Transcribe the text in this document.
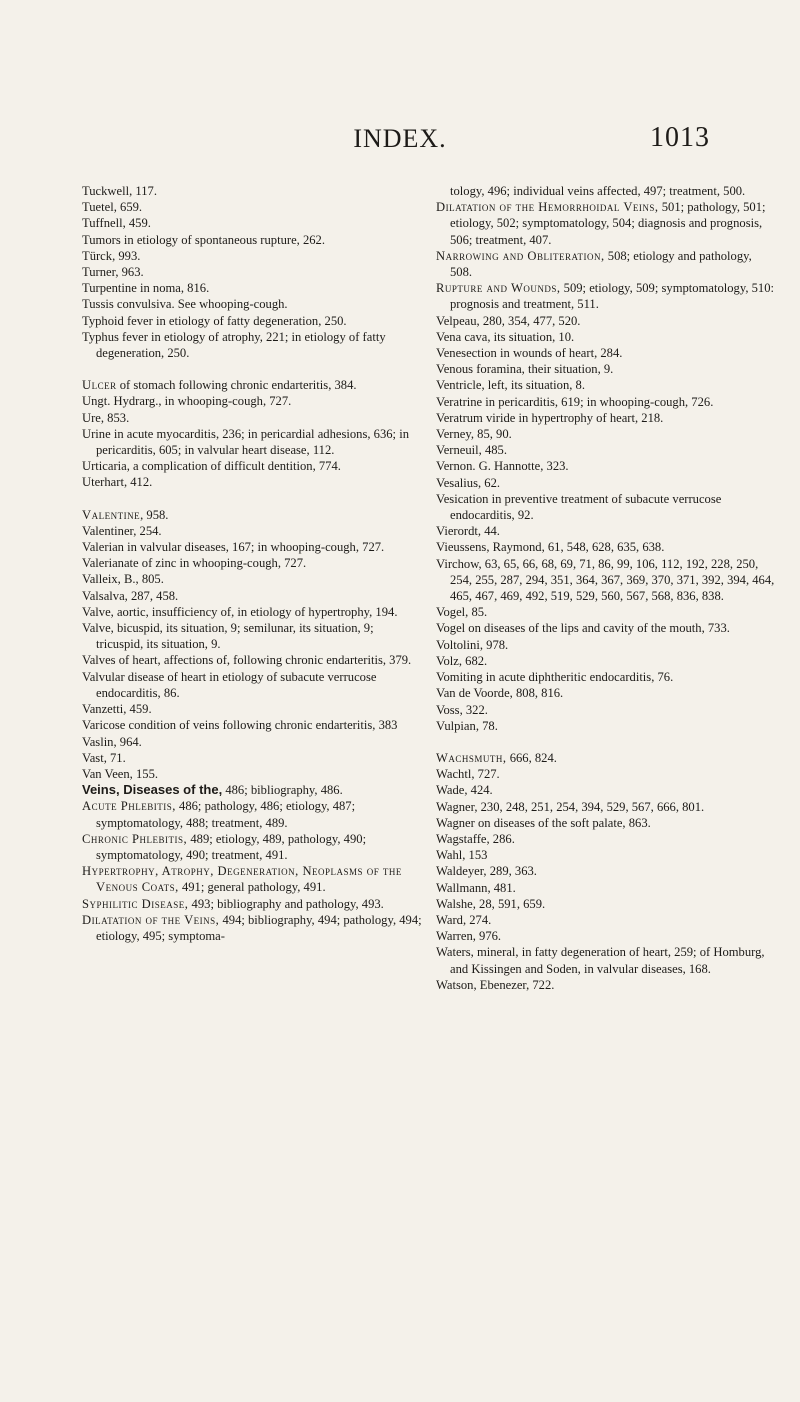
INDEX.	1013

Tuckwell, 117.

Tuetel, 659.

Tuffnell, 459.

Tumors in etiology of spontaneous rupture, 262.

Türck, 993.

Turner, 963.

Turpentine in noma, 816.

Tussis convulsiva. See whooping-cough.

Typhoid fever in etiology of fatty degeneration, 250.

Typhus fever in etiology of atrophy, 221; in etiology of fatty degeneration, 250.

Ulcer of stomach following chronic endarteritis, 384.

Ungt. Hydrarg., in whooping-cough, 727.

Ure, 853.

Urine in acute myocarditis, 236; in pericardial adhesions, 636; in pericarditis, 605; in valvular heart disease, 112.

Urticaria, a complication of difficult dentition, 774.

Uterhart, 412.

Valentine, 958.

Valentiner, 254.

Valerian in valvular diseases, 167; in whooping-cough, 727.

Valerianate of zinc in whooping-cough, 727.

Valleix, B., 805.

Valsalva, 287, 458.

Valve, aortic, insufficiency of, in etiology of hypertrophy, 194.

Valve, bicuspid, its situation, 9; semilunar, its situation, 9; tricuspid, its situation, 9.

Valves of heart, affections of, following chronic endarteritis, 379.

Valvular disease of heart in etiology of subacute verrucose endocarditis, 86.

Vanzetti, 459.

Varicose condition of veins following chronic endarteritis, 383

Vaslin, 964.

Vast, 71.

Van Veen, 155.

Veins, Diseases of the, 486; bibliography, 486.

Acute Phlebitis, 486; pathology, 486; etiology, 487; symptomatology, 488; treatment, 489.

Chronic Phlebitis, 489; etiology, 489, pathology, 490; symptomatology, 490; treatment, 491.

Hypertrophy, Atrophy, Degeneration, Neoplasms of the Venous Coats, 491; general pathology, 491.

Syphilitic Disease, 493; bibliography and pathology, 493.

Dilatation of the Veins, 494; bibliography, 494; pathology, 494; etiology, 495; symptoma-

tology, 496; individual veins affected, 497; treatment, 500.

Dilatation of the Hemorrhoidal Veins, 501; pathology, 501; etiology, 502; symptomatology, 504; diagnosis and prognosis, 506; treatment, 407.

Narrowing and Obliteration, 508; etiology and pathology, 508.

Rupture and Wounds, 509; etiology, 509; symptomatology, 510: prognosis and treatment, 511.

Velpeau, 280, 354, 477, 520.

Vena cava, its situation, 10.

Venesection in wounds of heart, 284.

Venous foramina, their situation, 9.

Ventricle, left, its situation, 8.

Veratrine in pericarditis, 619; in whooping-cough, 726.

Veratrum viride in hypertrophy of heart, 218.

Verney, 85, 90.

Verneuil, 485.

Vernon. G. Hannotte, 323.

Vesalius, 62.

Vesication in preventive treatment of subacute verrucose endocarditis, 92.

Vierordt, 44.

Vieussens, Raymond, 61, 548, 628, 635, 638.

Virchow, 63, 65, 66, 68, 69, 71, 86, 99, 106, 112, 192, 228, 250, 254, 255, 287, 294, 351, 364, 367, 369, 370, 371, 392, 394, 464, 465, 467, 469, 492, 519, 529, 560, 567, 568, 836, 838.

Vogel, 85.

Vogel on diseases of the lips and cavity of the mouth, 733.

Voltolini, 978.

Volz, 682.

Vomiting in acute diphtheritic endocarditis, 76.

Van de Voorde, 808, 816.

Voss, 322.

Vulpian, 78.

Wachsmuth, 666, 824.

Wachtl, 727.

Wade, 424.

Wagner, 230, 248, 251, 254, 394, 529, 567, 666, 801.

Wagner on diseases of the soft palate, 863.

Wagstaffe, 286.

Wahl, 153

Waldeyer, 289, 363.

Wallmann, 481.

Walshe, 28, 591, 659.

Ward, 274.

Warren, 976.

Waters, mineral, in fatty degeneration of heart, 259; of Homburg, and Kissingen and Soden, in valvular diseases, 168.

Watson, Ebenezer, 722.
